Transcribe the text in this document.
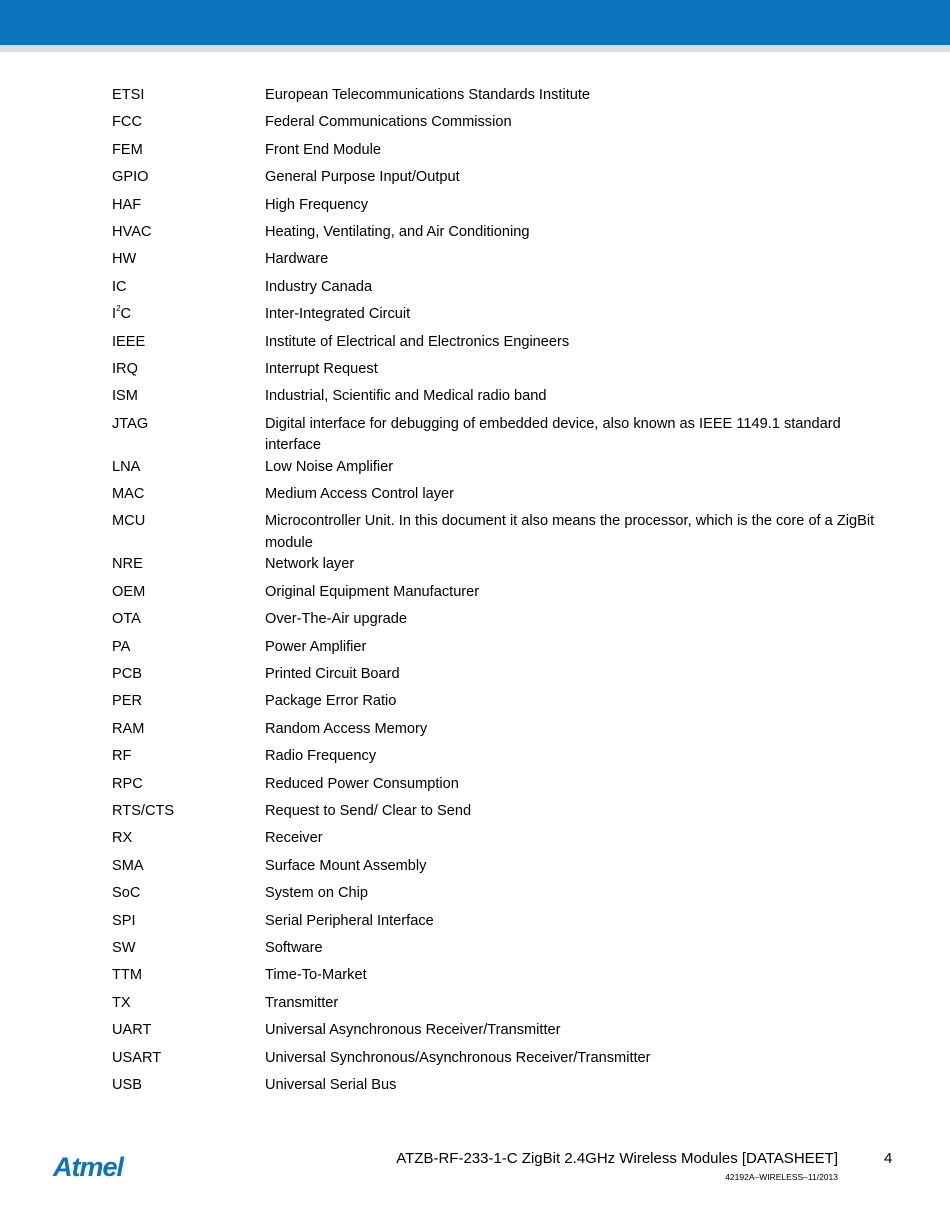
ETSI	European Telecommunications Standards Institute
FCC	Federal Communications Commission
FEM	Front End Module
GPIO	General Purpose Input/Output
HAF	High Frequency
HVAC	Heating, Ventilating, and Air Conditioning
HW	Hardware
IC	Industry Canada
$I^2C$	Inter-Integrated Circuit
IEEE	Institute of Electrical and Electronics Engineers
IRQ	Interrupt Request
ISM	Industrial, Scientific and Medical radio band
JTAG	Digital interface for debugging of embedded device, also known as IEEE 1149.1 standard interface
LNA	Low Noise Amplifier
MAC	Medium Access Control layer
MCU	Microcontroller Unit. In this document it also means the processor, which is the core of a ZigBit module
NRE	Network layer
OEM	Original Equipment Manufacturer
OTA	Over-The-Air upgrade
PA	Power Amplifier
PCB	Printed Circuit Board
PER	Package Error Ratio
RAM	Random Access Memory
RF	Radio Frequency
RPC	Reduced Power Consumption
RTS/CTS	Request to Send/ Clear to Send
RX	Receiver
SMA	Surface Mount Assembly
SoC	System on Chip
SPI	Serial Peripheral Interface
SW	Software
TTM	Time-To-Market
TX	Transmitter
UART	Universal Asynchronous Receiver/Transmitter
USART	Universal Synchronous/Asynchronous Receiver/Transmitter
USB	Universal Serial Bus
Atmel	ATZB-RF-233-1-C ZigBit 2.4GHz Wireless Modules [DATASHEET]	4
42192A–WIRELESS–11/2013
